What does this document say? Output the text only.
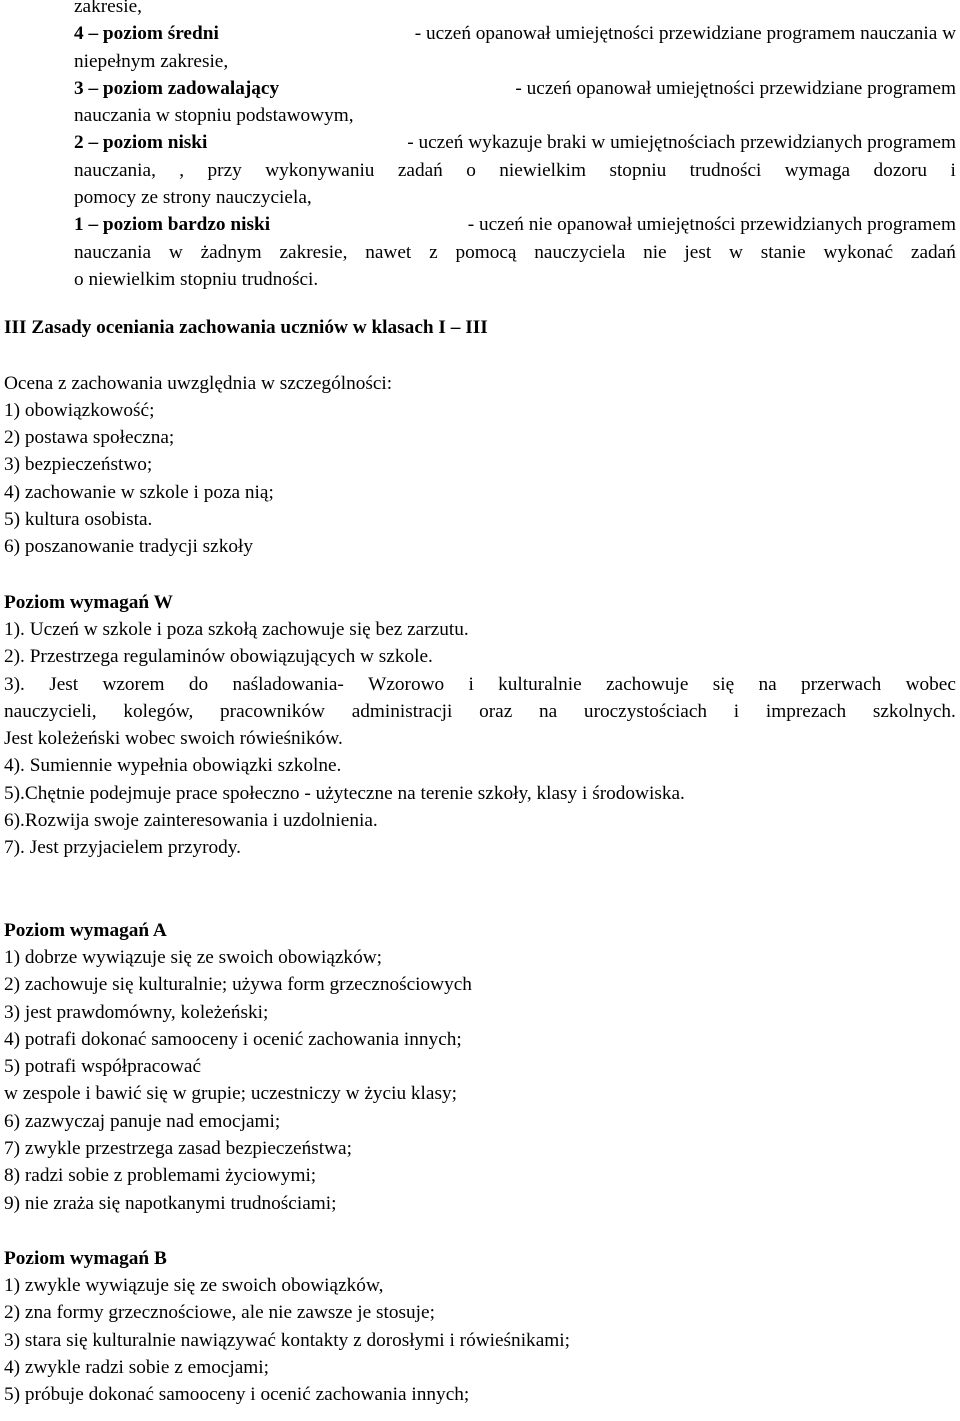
zakresie,
4 – poziom średni	- uczeń opanował umiejętności przewidziane programem nauczania w
niepełnym zakresie,
3 – poziom zadowalający	- uczeń opanował umiejętności przewidziane programem
nauczania w stopniu podstawowym,
2 – poziom niski	- uczeń wykazuje braki w umiejętnościach przewidzianych programem
nauczania, , przy wykonywaniu zadań o niewielkim stopniu trudności wymaga dozoru i
pomocy ze strony nauczyciela,
1 – poziom bardzo niski	- uczeń nie opanował umiejętności przewidzianych programem
nauczania w żadnym zakresie, nawet z pomocą nauczyciela nie jest w stanie wykonać zadań
o niewielkim stopniu trudności.
III Zasady oceniania zachowania uczniów w klasach I – III
Ocena z zachowania uwzględnia w szczególności:
1) obowiązkowość;
2) postawa społeczna;
3) bezpieczeństwo;
4) zachowanie w szkole i poza nią;
5) kultura osobista.
6) poszanowanie tradycji szkoły
Poziom wymagań W
1). Uczeń w szkole i poza szkołą zachowuje się bez zarzutu.
2). Przestrzega regulaminów obowiązujących w szkole.
3). Jest wzorem do naśladowania- Wzorowo i kulturalnie zachowuje się na przerwach wobec
nauczycieli, kolegów, pracowników administracji oraz na uroczystościach i imprezach szkolnych.
Jest koleżeński wobec swoich rówieśników.
4). Sumiennie wypełnia obowiązki szkolne.
5).Chętnie podejmuje prace społeczno - użyteczne na terenie szkoły, klasy i środowiska.
6).Rozwija swoje zainteresowania i uzdolnienia.
7). Jest przyjacielem przyrody.
Poziom wymagań A
1) dobrze wywiązuje się ze swoich obowiązków;
2) zachowuje się kulturalnie; używa form grzecznościowych
3) jest prawdomówny, koleżeński;
4) potrafi dokonać samooceny i ocenić zachowania innych;
5) potrafi współpracować
w zespole i bawić się w grupie; uczestniczy w życiu klasy;
6) zazwyczaj panuje nad emocjami;
7) zwykle przestrzega zasad bezpieczeństwa;
8) radzi sobie z problemami życiowymi;
9) nie zraża się napotkanymi trudnościami;
Poziom wymagań B
1) zwykle wywiązuje się ze swoich obowiązków,
2) zna formy grzecznościowe, ale nie zawsze je stosuje;
3) stara się kulturalnie nawiązywać kontakty z dorosłymi i rówieśnikami;
4) zwykle radzi sobie z emocjami;
5) próbuje dokonać samooceny i ocenić zachowania innych;
